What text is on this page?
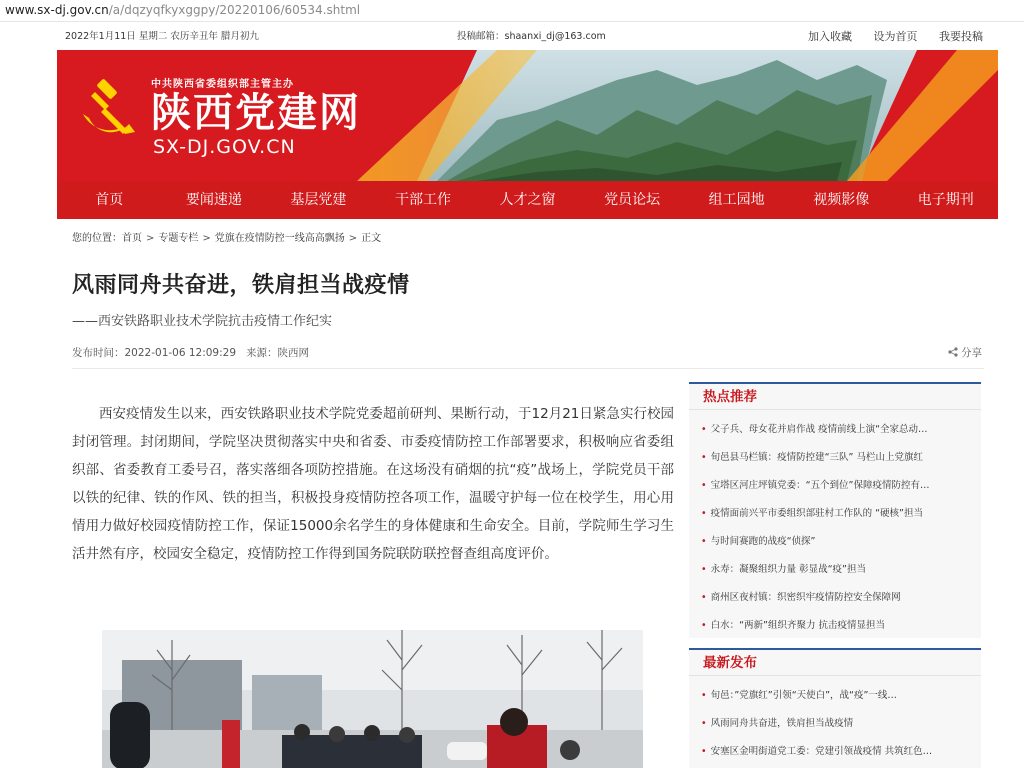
www.sx-dj.gov.cn/a/dqzyqfkyxggpy/20220106/60534.shtml
2022年1月11日 星期二 农历辛丑年 腊月初九	投稿邮箱：shaanxi_dj@163.com	加入收藏 设为首页 我要投稿
中共陕西省委组织部主管主办
陕西党建网
SX-DJ.GOV.CN
首页	要闻速递	基层党建	干部工作	人才之窗	党员论坛	组工园地	视频影像	电子期刊
您的位置：首页 > 专题专栏 > 党旗在疫情防控一线高高飘扬 > 正文
风雨同舟共奋进，铁肩担当战疫情
——西安铁路职业技术学院抗击疫情工作纪实
发布时间：2022-01-06 12:09:29 来源：陕西网	分享

西安疫情发生以来，西安铁路职业技术学院党委超前研判、果断行动，于12月21日紧急实行校园封闭管理。封闭期间，学院坚决贯彻落实中央和省委、市委疫情防控工作部署要求，积极响应省委组织部、省委教育工委号召，落实落细各项防控措施。在这场没有硝烟的抗“疫”战场上，学院党员干部以铁的纪律、铁的作风、铁的担当，积极投身疫情防控各项工作，温暖守护每一位在校学生，用心用情用力做好校园疫情防控工作，保证15000余名学生的身体健康和生命安全。目前，学院师生学习生活井然有序，校园安全稳定，疫情防控工作得到国务院联防联控督查组高度评价。

热点推荐
• 父子兵、母女花并肩作战 疫情前线上演“全家总动…
• 旬邑县马栏镇：疫情防控建“三队” 马栏山上党旗红
• 宝塔区河庄坪镇党委：“五个到位”保障疫情防控有…
• 疫情面前兴平市委组织部驻村工作队的 “硬核”担当
• 与时间赛跑的战疫“侦探”
• 永寿：凝聚组织力量 彰显战“疫”担当
• 商州区夜村镇：织密织牢疫情防控安全保障网
• 白水：“两新”组织齐聚力 抗击疫情显担当
最新发布
• 旬邑：”党旗红”引领“天使白”，战“疫”一线…
• 风雨同舟共奋进，铁肩担当战疫情
• 安塞区金明街道党工委：党建引领战疫情 共筑红色…
